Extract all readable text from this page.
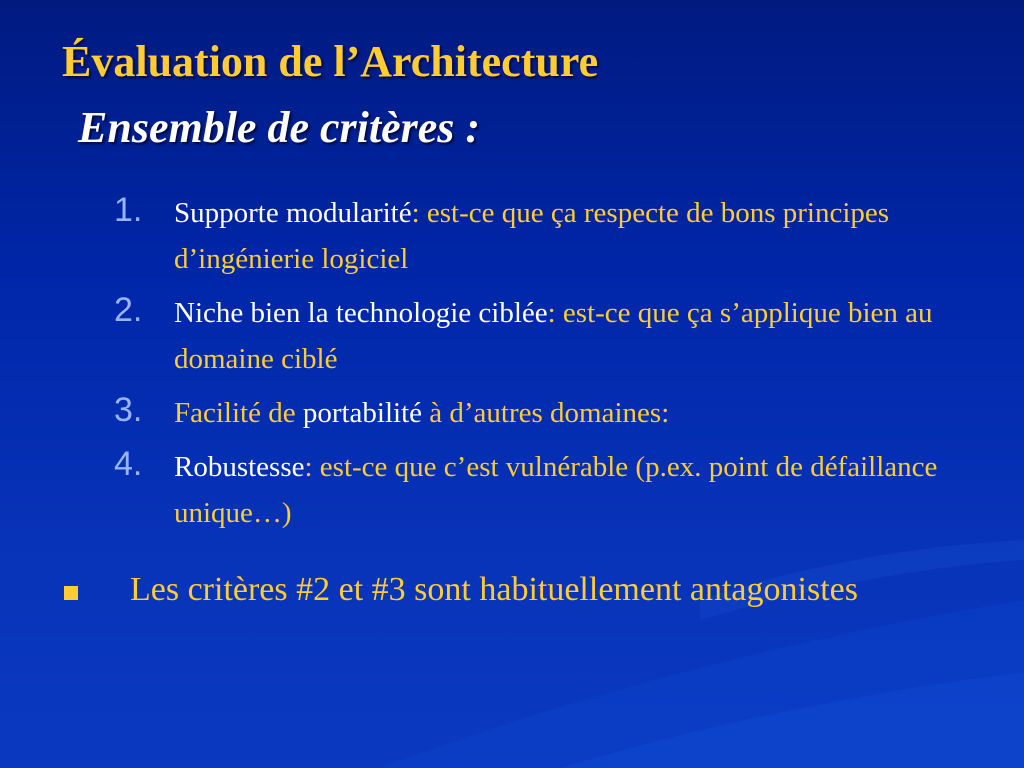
Évaluation de l’Architecture
Ensemble de critères :
1. Supporte modularité: est-ce que ça respecte de bons principes d’ingénierie logiciel
2. Niche bien la technologie ciblée: est-ce que ça s’applique bien au domaine ciblé
3. Facilité de portabilité à d’autres domaines:
4. Robustesse: est-ce que c’est vulnérable (p.ex. point de défaillance unique…)

Les critères #2 et #3 sont habituellement antagonistes
